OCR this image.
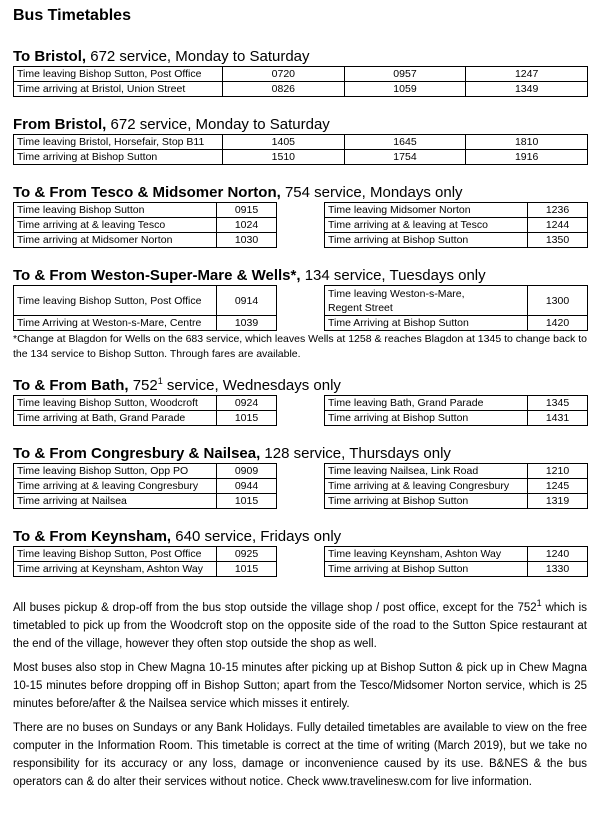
Bus Timetables

To Bristol, 672 service, Monday to Saturday

Time leaving Bishop Sutton, Post Office	0720	0957	1247
Time arriving at Bristol, Union Street	0826	1059	1349

From Bristol, 672 service, Monday to Saturday

Time leaving Bristol, Horsefair, Stop B11	1405	1645	1810
Time arriving at Bishop Sutton	1510	1754	1916

To & From Tesco & Midsomer Norton, 754 service, Mondays only

Time leaving Bishop Sutton	0915
Time arriving at & leaving Tesco	1024
Time arriving at Midsomer Norton	1030
Time leaving Midsomer Norton	1236
Time arriving at & leaving at Tesco	1244
Time arriving at Bishop Sutton	1350

To & From Weston-Super-Mare & Wells*, 134 service, Tuesdays only

Time leaving Bishop Sutton, Post Office	0914
Time Arriving at Weston-s-Mare, Centre	1039
Time leaving Weston-s-Mare,
Regent Street	1300
Time Arriving at Bishop Sutton	1420

*Change at Blagdon for Wells on the 683 service, which leaves Wells at 1258 & reaches Blagdon at 1345 to change back to the 134 service to Bishop Sutton. Through fares are available.

To & From Bath, $752^1$ service, Wednesdays only

Time leaving Bishop Sutton, Woodcroft	0924
Time arriving at Bath, Grand Parade	1015
Time leaving Bath, Grand Parade	1345
Time arriving at Bishop Sutton	1431

To & From Congresbury & Nailsea, 128 service, Thursdays only

Time leaving Bishop Sutton, Opp PO	0909
Time arriving at & leaving Congresbury	0944
Time arriving at Nailsea	1015
Time leaving Nailsea, Link Road	1210
Time arriving at & leaving Congresbury	1245
Time arriving at Bishop Sutton	1319

To & From Keynsham, 640 service, Fridays only

Time leaving Bishop Sutton, Post Office	0925
Time arriving at Keynsham, Ashton Way	1015
Time leaving Keynsham, Ashton Way	1240
Time arriving at Bishop Sutton	1330

All buses pickup & drop-off from the bus stop outside the village shop / post office, except for the $752^1$ which is timetabled to pick up from the Woodcroft stop on the opposite side of the road to the Sutton Spice restaurant at the end of the village, however they often stop outside the shop as well.

Most buses also stop in Chew Magna 10-15 minutes after picking up at Bishop Sutton & pick up in Chew Magna 10-15 minutes before dropping off in Bishop Sutton; apart from the Tesco/Midsomer Norton service, which is 25 minutes before/after & the Nailsea service which misses it entirely.

There are no buses on Sundays or any Bank Holidays. Fully detailed timetables are available to view on the free computer in the Information Room. This timetable is correct at the time of writing (March 2019), but we take no responsibility for its accuracy or any loss, damage or inconvenience caused by its use. B&NES & the bus operators can & do alter their services without notice. Check www.travelinesw.com for live information.
